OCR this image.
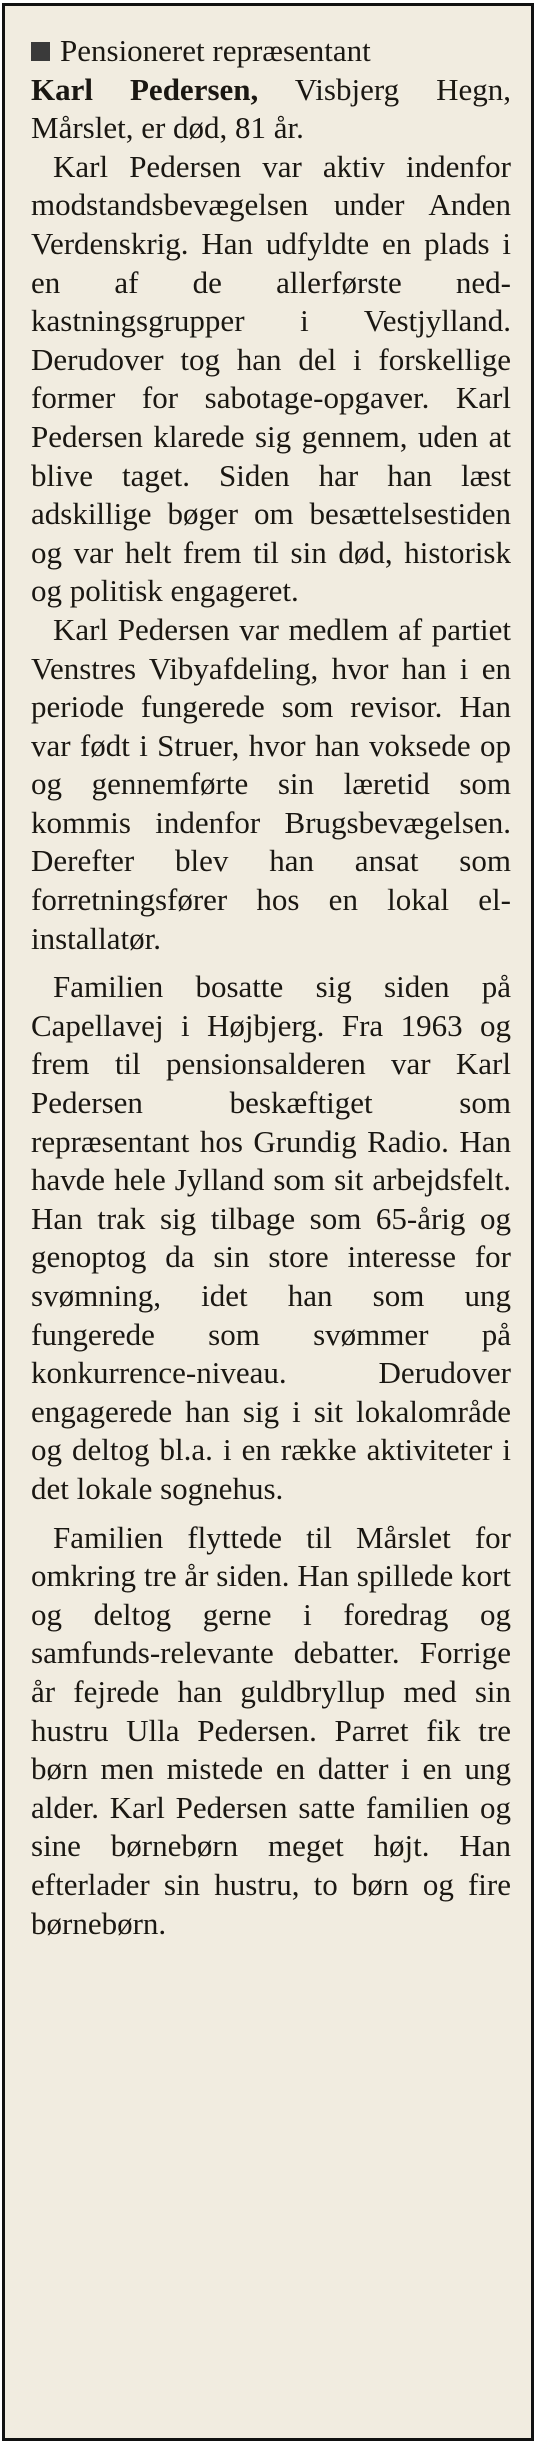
Pensioneret repræsentant
Karl Pedersen, Visbjerg Hegn, Mårslet, er død, 81 år.

Karl Pedersen var aktiv indenfor modstandsbevægelsen under Anden Verdenskrig. Han udfyldte en plads i en af de allerførste ned-kastningsgrupper i Vestjylland. Derudover tog han del i forskellige former for sabotage-opgaver. Karl Pedersen klarede sig gennem, uden at blive taget. Siden har han læst adskillige bøger om besættelsestiden og var helt frem til sin død, historisk og politisk engageret.

Karl Pedersen var medlem af partiet Venstres Vibyafdeling, hvor han i en periode fungerede som revisor. Han var født i Struer, hvor han voksede op og gennemførte sin læretid som kommis indenfor Brugsbevægelsen. Derefter blev han ansat som forretningsfører hos en lokal el-installatør.

Familien bosatte sig siden på Capellavej i Højbjerg. Fra 1963 og frem til pensionsalderen var Karl Pedersen beskæftiget som repræsentant hos Grundig Radio. Han havde hele Jylland som sit arbejdsfelt. Han trak sig tilbage som 65-årig og genoptog da sin store interesse for svømning, idet han som ung fungerede som svømmer på konkurrence-niveau. Derudover engagerede han sig i sit lokalområde og deltog bl.a. i en række aktiviteter i det lokale sognehus.

Familien flyttede til Mårslet for omkring tre år siden. Han spillede kort og deltog gerne i foredrag og samfunds-relevante debatter. Forrige år fejrede han guldbryllup med sin hustru Ulla Pedersen. Parret fik tre børn men mistede en datter i en ung alder. Karl Pedersen satte familien og sine børnebørn meget højt. Han efterlader sin hustru, to børn og fire børnebørn.
